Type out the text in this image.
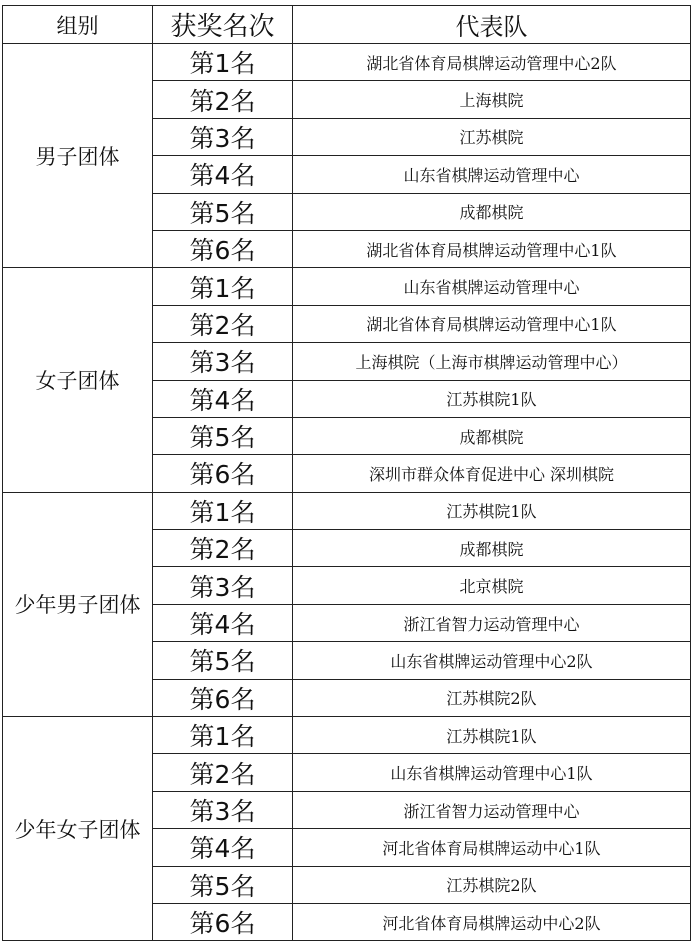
组别	获奖名次	代表队
男子团体	第1名	湖北省体育局棋牌运动管理中心2队
	第2名	上海棋院
	第3名	江苏棋院
	第4名	山东省棋牌运动管理中心
	第5名	成都棋院
	第6名	湖北省体育局棋牌运动管理中心1队
女子团体	第1名	山东省棋牌运动管理中心
	第2名	湖北省体育局棋牌运动管理中心1队
	第3名	上海棋院（上海市棋牌运动管理中心）
	第4名	江苏棋院1队
	第5名	成都棋院
	第6名	深圳市群众体育促进中心 深圳棋院
少年男子团体	第1名	江苏棋院1队
	第2名	成都棋院
	第3名	北京棋院
	第4名	浙江省智力运动管理中心
	第5名	山东省棋牌运动管理中心2队
	第6名	江苏棋院2队
少年女子团体	第1名	江苏棋院1队
	第2名	山东省棋牌运动管理中心1队
	第3名	浙江省智力运动管理中心
	第4名	河北省体育局棋牌运动中心1队
	第5名	江苏棋院2队
	第6名	河北省体育局棋牌运动中心2队
